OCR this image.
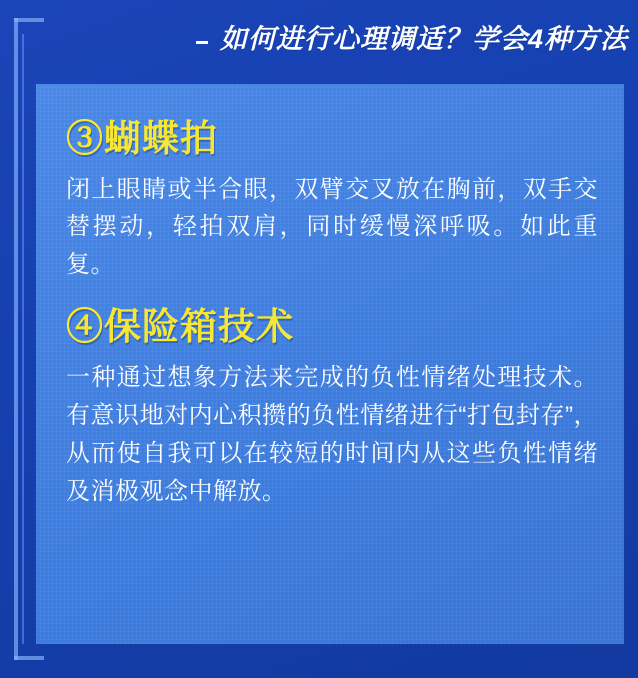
如何进行心理调适？学会4种方法
③蝴蝶拍

闭上眼睛或半合眼，双臂交叉放在胸前，双手交替摆动，轻拍双肩，同时缓慢深呼吸。如此重复。

④保险箱技术

一种通过想象方法来完成的负性情绪处理技术。有意识地对内心积攒的负性情绪进行“打包封存”，从而使自我可以在较短的时间内从这些负性情绪及消极观念中解放。
